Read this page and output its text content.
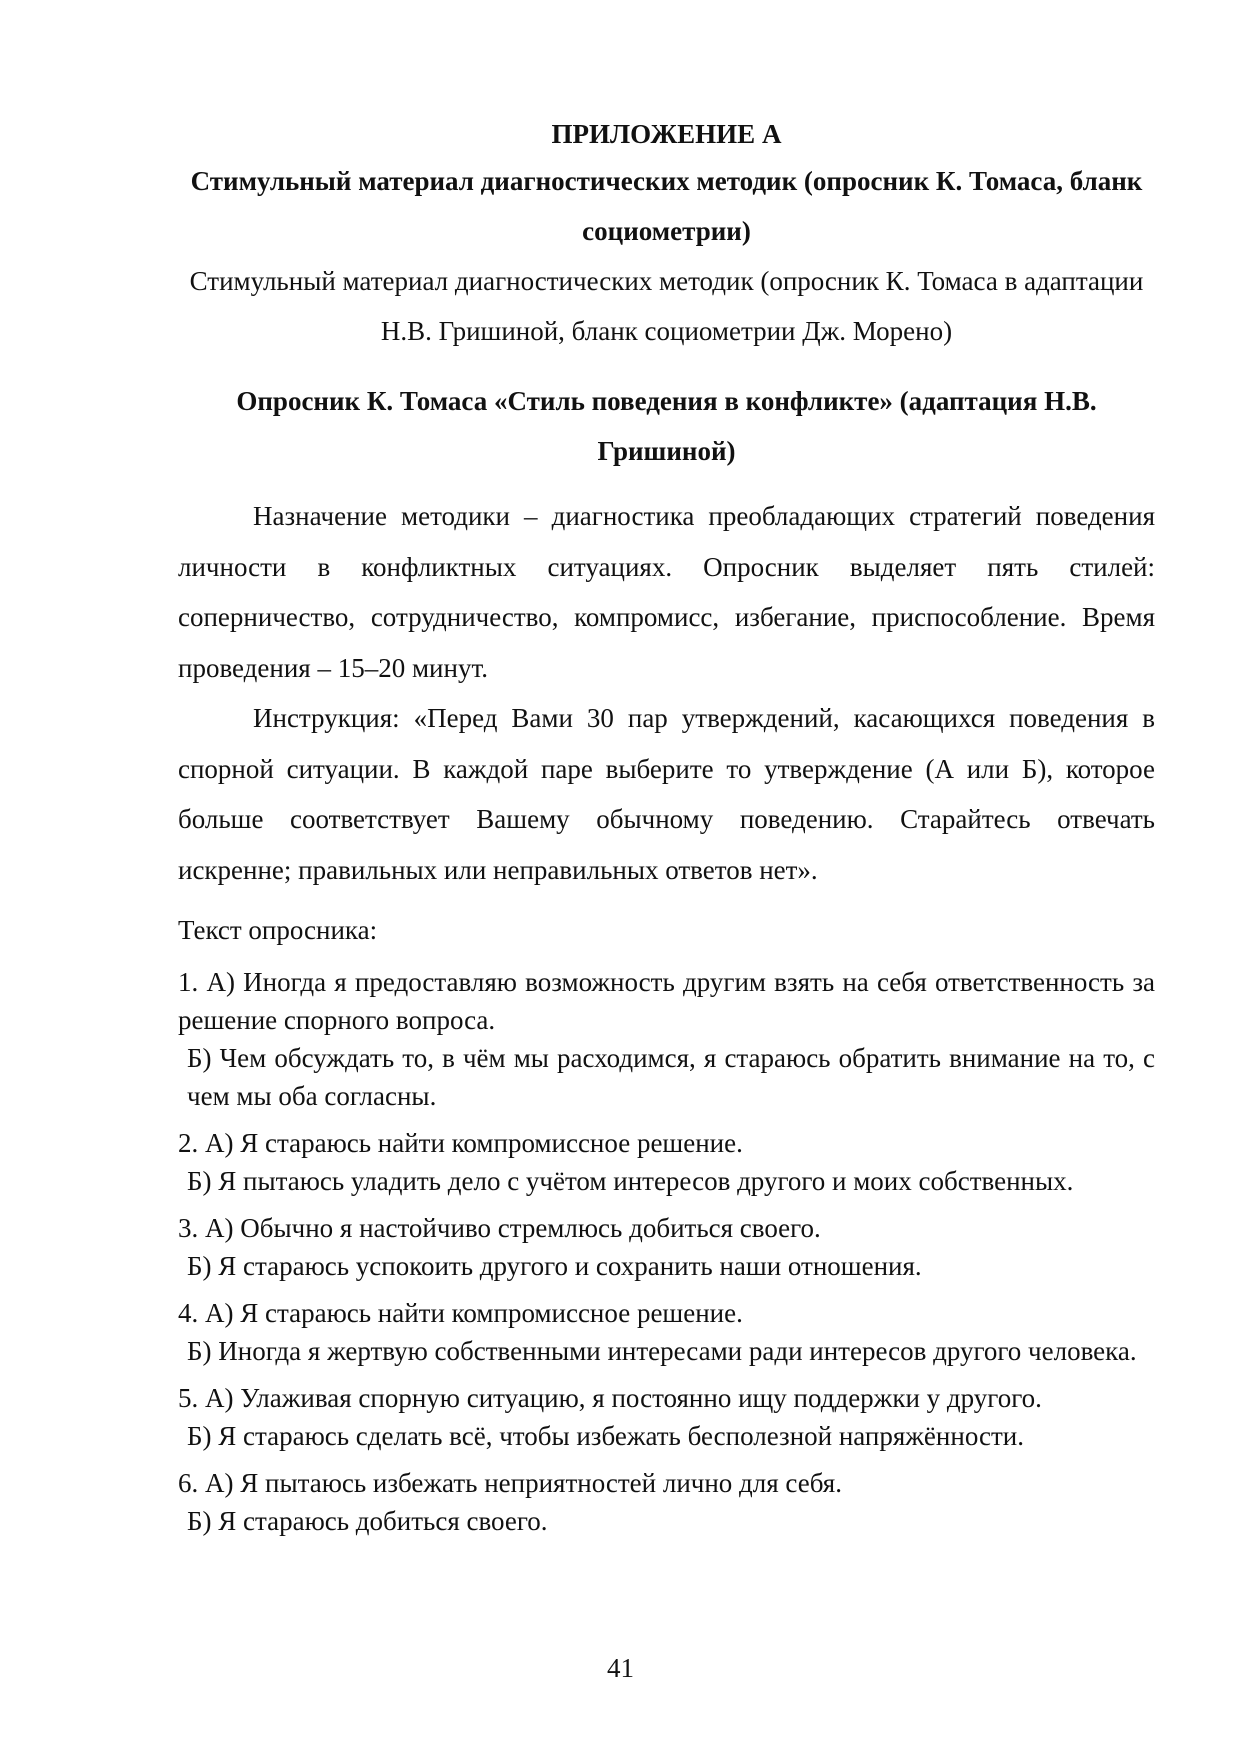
ПРИЛОЖЕНИЕ А

Стимульный материал диагностических методик (опросник К. Томаса, бланк социометрии)

Стимульный материал диагностических методик (опросник К. Томаса в адаптации Н.В. Гришиной, бланк социометрии Дж. Морено)

Опросник К. Томаса «Стиль поведения в конфликте» (адаптация Н.В. Гришиной)

Назначение методики – диагностика преобладающих стратегий поведения личности в конфликтных ситуациях. Опросник выделяет пять стилей: соперничество, сотрудничество, компромисс, избегание, приспособление. Время проведения – 15–20 минут.

Инструкция: «Перед Вами 30 пар утверждений, касающихся поведения в спорной ситуации. В каждой паре выберите то утверждение (А или Б), которое больше соответствует Вашему обычному поведению. Старайтесь отвечать искренне; правильных или неправильных ответов нет».

Текст опросника:

1. А) Иногда я предоставляю возможность другим взять на себя ответственность за решение спорного вопроса.

Б) Чем обсуждать то, в чём мы расходимся, я стараюсь обратить внимание на то, с чем мы оба согласны.

2. А) Я стараюсь найти компромиссное решение.

Б) Я пытаюсь уладить дело с учётом интересов другого и моих собственных.

3. А) Обычно я настойчиво стремлюсь добиться своего.

Б) Я стараюсь успокоить другого и сохранить наши отношения.

4. А) Я стараюсь найти компромиссное решение.

Б) Иногда я жертвую собственными интересами ради интересов другого человека.

5. А) Улаживая спорную ситуацию, я постоянно ищу поддержки у другого.

Б) Я стараюсь сделать всё, чтобы избежать бесполезной напряжённости.

6. А) Я пытаюсь избежать неприятностей лично для себя.

Б) Я стараюсь добиться своего.

41
